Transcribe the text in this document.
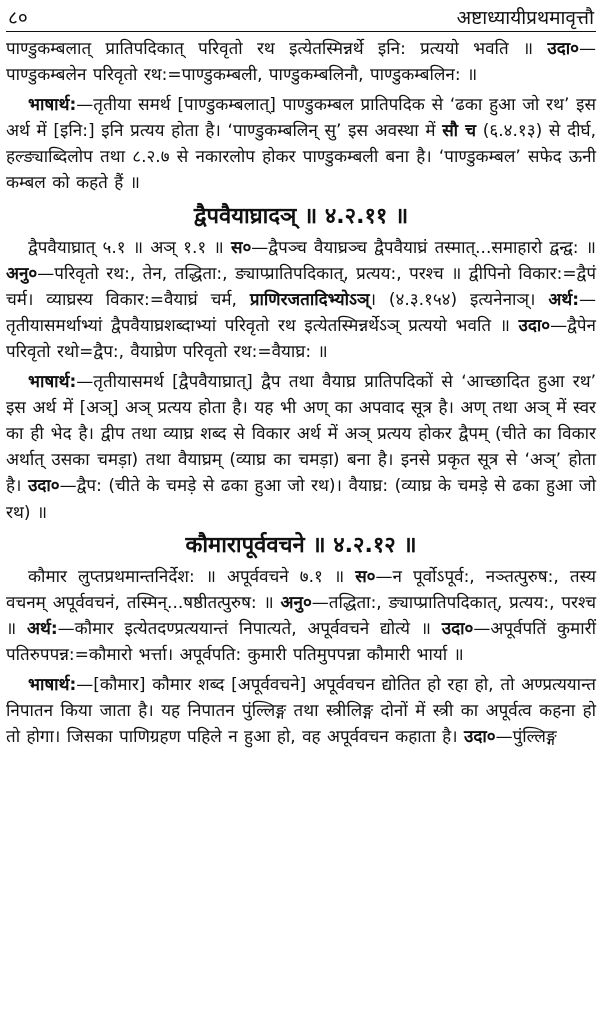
८०	अष्टाध्यायीप्रथमावृत्तौ

पाण्डुकम्बलात् प्रातिपदिकात् परिवृतो रथ इत्येतस्मिन्नर्थे इनि: प्रत्ययो भवति ॥ उदा०—पाण्डुकम्बलेन परिवृतो रथ:=पाण्डुकम्बली, पाण्डुकम्बलिनौ, पाण्डुकम्बलिन: ॥

भाषार्थ:—तृतीया समर्थ [पाण्डुकम्बलात्] पाण्डुकम्बल प्रातिपदिक से ‘ढका हुआ जो रथ’ इस अर्थ में [इनि:] इनि प्रत्यय होता है। ‘पाण्डुकम्बलिन् सु’ इस अवस्था में सौ च (६.४.१३) से दीर्घ, हल्ङ्याब्दिलोप तथा ८.२.७ से नकारलोप होकर पाण्डुकम्बली बना है। ‘पाण्डुकम्बल’ सफेद ऊनी कम्बल को कहते हैं ॥

द्वैपवैयाघ्रादञ् ॥ ४.२.११ ॥

द्वैपवैयाघ्रात् ५.१ ॥ अञ् १.१ ॥ स०—द्वैपञ्च वैयाघ्रञ्च द्वैपवैयाघ्रं तस्मात्...समाहारो द्वन्द्व: ॥ अनु०—परिवृतो रथ:, तेन, तद्धिता:, ङ्याप्प्रातिपदिकात्, प्रत्यय:, परश्च ॥ द्वीपिनो विकार:=द्वैपं चर्म। व्याघ्रस्य विकार:=वैयाघ्रं चर्म, प्राणिरजतादिभ्योऽञ्। (४.३.१५४) इत्यनेनाञ्। अर्थ:—तृतीयासमर्थाभ्यां द्वैपवैयाघ्रशब्दाभ्यां परिवृतो रथ इत्येतस्मिन्नर्थेऽञ् प्रत्ययो भवति ॥ उदा०—द्वैपेन परिवृतो रथो=द्वैप:, वैयाघ्रेण परिवृतो रथ:=वैयाघ्र: ॥

भाषार्थ:—तृतीयासमर्थ [द्वैपवैयाघ्रात्] द्वैप तथा वैयाघ्र प्रातिपदिकों से ‘आच्छादित हुआ रथ’ इस अर्थ में [अञ्] अञ् प्रत्यय होता है। यह भी अण् का अपवाद सूत्र है। अण् तथा अञ् में स्वर का ही भेद है। द्वीप तथा व्याघ्र शब्द से विकार अर्थ में अञ् प्रत्यय होकर द्वैपम् (चीते का विकार अर्थात् उसका चमड़ा) तथा वैयाघ्रम् (व्याघ्र का चमड़ा) बना है। इनसे प्रकृत सूत्र से ‘अञ्’ होता है। उदा०—द्वैप: (चीते के चमड़े से ढका हुआ जो रथ)। वैयाघ्र: (व्याघ्र के चमड़े से ढका हुआ जो रथ) ॥

कौमारापूर्ववचने ॥ ४.२.१२ ॥

कौमार लुप्तप्रथमान्तनिर्देश: ॥ अपूर्ववचने ७.१ ॥ स०—न पूर्वोऽपूर्व:, नञ्तत्पुरुष:, तस्य वचनम् अपूर्ववचनं, तस्मिन्...षष्ठीतत्पुरुष: ॥ अनु०—तद्धिता:, ङ्याप्प्रातिपदिकात्, प्रत्यय:, परश्च ॥ अर्थ:—कौमार इत्येतदण्प्रत्ययान्तं निपात्यते, अपूर्ववचने द्योत्ये ॥ उदा०—अपूर्वपतिं कुमारीं पतिरुपपन्न:=कौमारो भर्त्ता। अपूर्वपति: कुमारी पतिमुपपन्ना कौमारी भार्या ॥

भाषार्थ:—[कौमार] कौमार शब्द [अपूर्ववचने] अपूर्ववचन द्योतित हो रहा हो, तो अण्प्रत्ययान्त निपातन किया जाता है। यह निपातन पुंल्लिङ्ग तथा स्त्रीलिङ्ग दोनों में स्त्री का अपूर्वत्व कहना हो तो होगा। जिसका पाणिग्रहण पहिले न हुआ हो, वह अपूर्ववचन कहाता है। उदा०—पुंल्लिङ्ग
